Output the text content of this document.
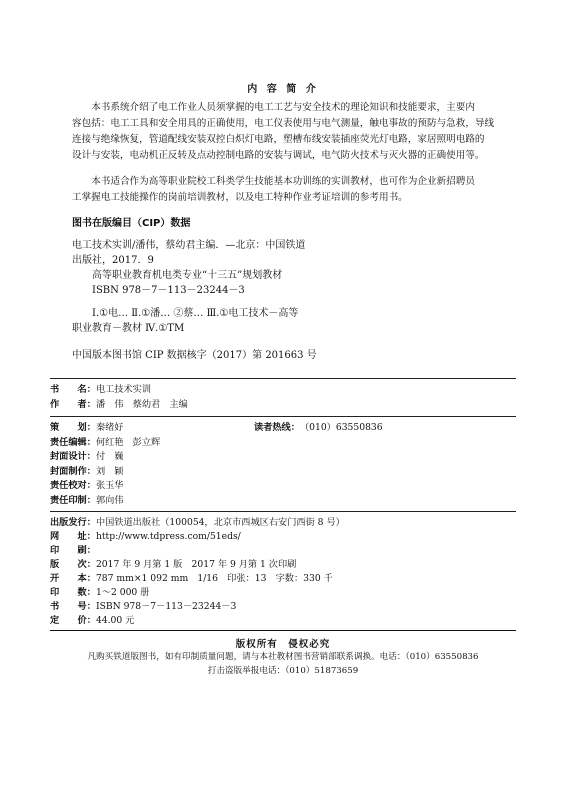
内 容 简 介

本书系统介绍了电工作业人员须掌握的电工工艺与安全技术的理论知识和技能要求，主要内

容包括：电工工具和安全用具的正确使用，电工仪表使用与电气测量，触电事故的预防与急救，导线
连接与绝缘恢复，管道配线安装双控白炽灯电路，塑槽布线安装插座荧光灯电路，家居照明电路的
设计与安装，电动机正反转及点动控制电路的安装与调试，电气防火技术与灭火器的正确使用等。

本书适合作为高等职业院校工科类学生技能基本功训练的实训教材，也可作为企业新招聘员

工掌握电工技能操作的岗前培训教材，以及电工特种作业考证培训的参考用书。
图书在版编目（CIP）数据
电工技术实训/潘伟，蔡幼君主编．—北京：中国铁道
出版社，2017．9
高等职业教育机电类专业“十三五”规划教材
ISBN 978－7－113－23244－3
Ⅰ.①电… Ⅱ.①潘… ②蔡… Ⅲ.①电工技术－高等
职业教育－教材 Ⅳ.①TM
中国版本图书馆 CIP 数据核字（2017）第 201663 号
书　　名：电工技术实训
作　　者：潘　伟　蔡幼君　主编
策　　划：秦绪好
责任编辑：何红艳　彭立辉
封面设计：付　巍
封面制作：刘　颖
责任校对：张玉华
责任印制：郭向伟
读者热线：（010）63550836
出版发行：中国铁道出版社（100054，北京市西城区右安门西街 8 号）
网　　址：http://www.tdpress.com/51eds/
印　　刷：
版　　次：2017 年 9 月第 1 版　2017 年 9 月第 1 次印刷
开　　本：787 mm×1 092 mm　1/16　印张：13　字数：330 千
印　　数：1～2 000 册
书　　号：ISBN 978－7－113－23244－3
定　　价：44.00 元
版权所有　侵权必究
凡购买铁道版图书，如有印制质量问题，请与本社教材图书营销部联系调换。电话：（010）63550836
打击盗版举报电话：（010）51873659
